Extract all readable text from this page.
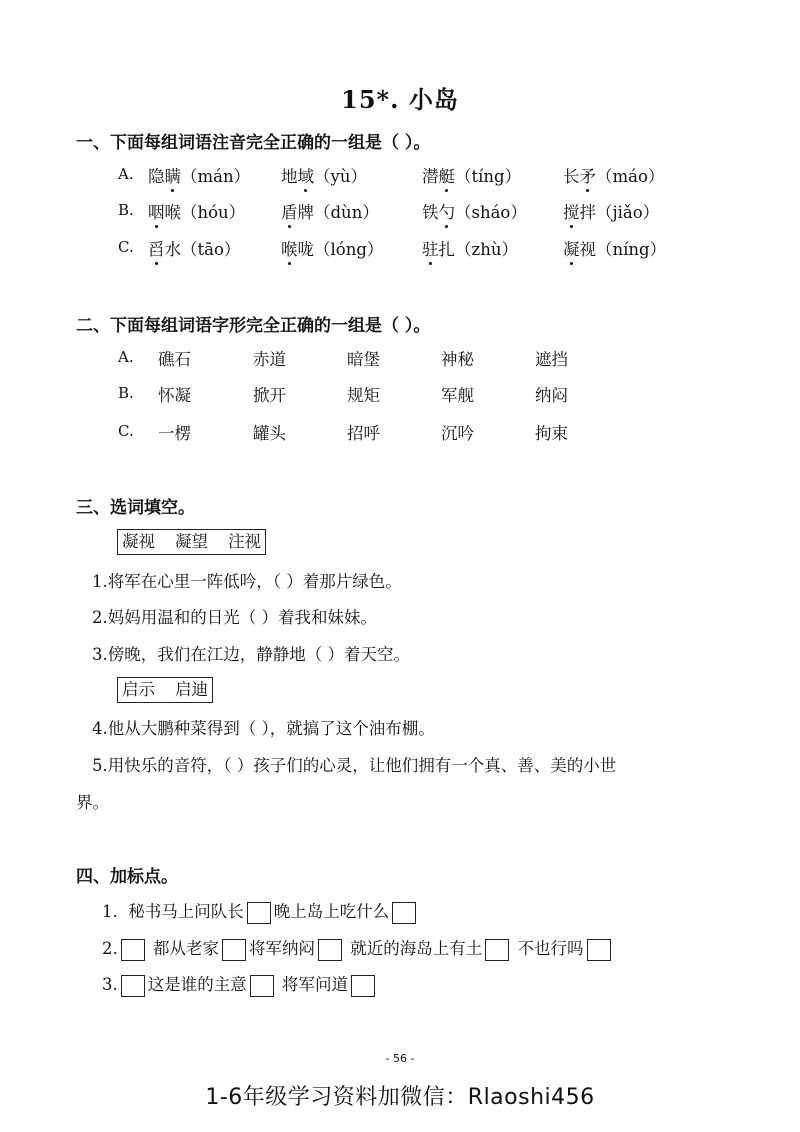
15*. 小岛
一、下面每组词语注音完全正确的一组是（ ）。
A. 隐瞒（mán） 地域（yù）	潜艇（tíng）	长矛（máo）
B. 咽喉（hóu） 盾牌（dùn）	铁勺（sháo） 搅拌（jiǎo）
C. 舀水（tāo） 喉咙（lóng） 驻扎（zhù）	凝视（níng）
二、下面每组词语字形完全正确的一组是（ ）。
A. 礁石	赤道	暗堡	神秘	遮挡
B. 怀凝	掀开	规矩	军舰	纳闷
C. 一楞	罐头	招呼	沉吟	拘束
三、选词填空。
凝视 凝望 注视
1.将军在心里一阵低吟，（ ）着那片绿色。
2.妈妈用温和的日光（ ）着我和妹妹。
3.傍晚，我们在江边，静静地（ ）着天空。
启示 启迪
4.他从大鹏种菜得到（ ），就搞了这个油布棚。
5.用快乐的音符，（ ）孩子们的心灵，让他们拥有一个真、善、美的小世
界。
四、加标点。
1. 秘书马上问队长 晚上岛上吃什么
2. 都从老家 将军纳闷 就近的海岛上有土 不也行吗
3. 这是谁的主意 将军问道
- 56 -
1-6年级学习资料加微信：Rlaoshi456
